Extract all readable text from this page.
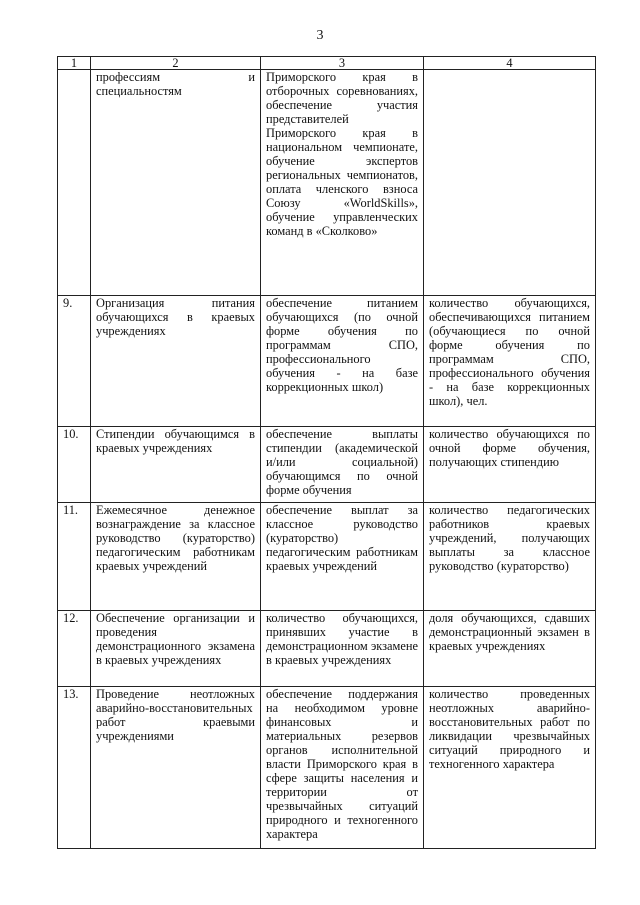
3
1	2	3	4
	профессиям и специальностям	Приморского края в отборочных соревнованиях, обеспечение участия представителей Приморского края в национальном чемпионате, обучение экспертов региональных чемпионатов, оплата членского взноса Союзу «WorldSkills», обучение управленческих команд в «Сколково»	
9.	Организация питания обучающихся в краевых учреждениях	обеспечение питанием обучающихся (по очной форме обучения по программам СПО, профессионального обучения - на базе коррекционных школ)	количество обучающихся, обеспечивающихся питанием (обучающиеся по очной форме обучения по программам СПО, профессионального обучения - на базе коррекционных школ), чел.
10.	Стипендии обучающимся в краевых учреждениях	обеспечение выплаты стипендии (академической и/или социальной) обучающимся по очной форме обучения	количество обучающихся по очной форме обучения, получающих стипендию
11.	Ежемесячное денежное вознаграждение за классное руководство (кураторство) педагогическим работникам краевых учреждений	обеспечение выплат за классное руководство (кураторство) педагогическим работникам краевых учреждений	количество педагогических работников краевых учреждений, получающих выплаты за классное руководство (кураторство)
12.	Обеспечение организации и проведения демонстрационного экзамена в краевых учреждениях	количество обучающихся, принявших участие в демонстрационном экзамене в краевых учреждениях	доля обучающихся, сдавших демонстрационный экзамен в краевых учреждениях
13.	Проведение неотложных аварийно-восстановительных работ краевыми учреждениями	обеспечение поддержания на необходимом уровне финансовых и материальных резервов органов исполнительной власти Приморского края в сфере защиты населения и территории от чрезвычайных ситуаций природного и техногенного характера	количество проведенных неотложных аварийно-восстановительных работ по ликвидации чрезвычайных ситуаций природного и техногенного характера
